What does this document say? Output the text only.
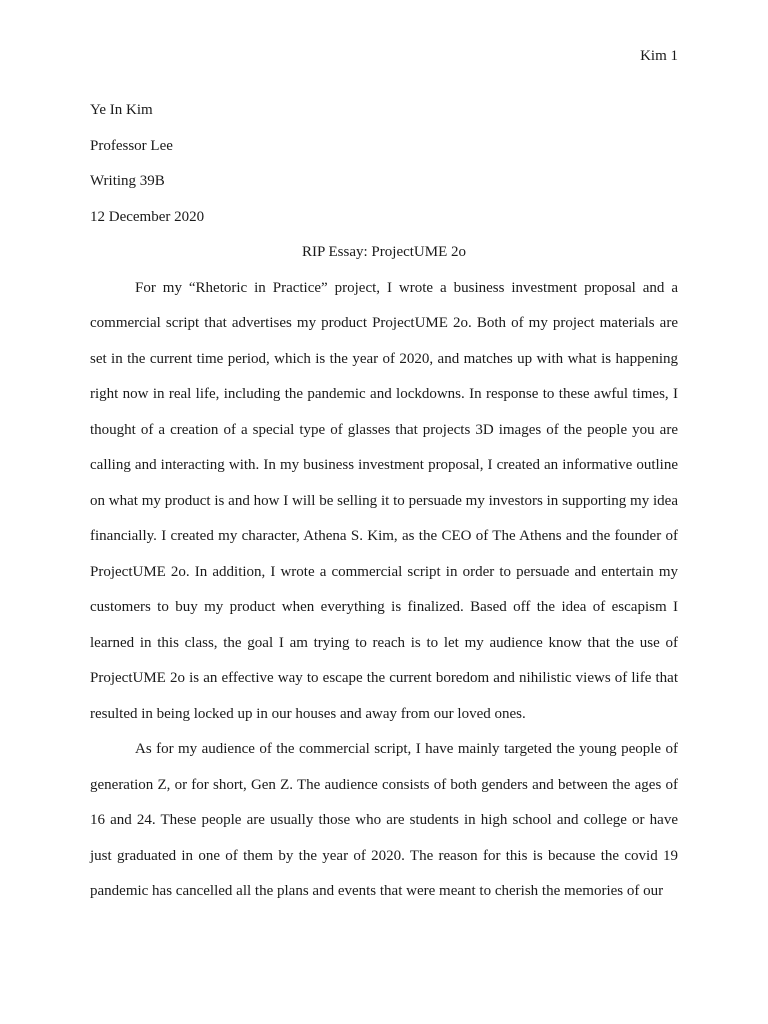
Kim 1

Ye In Kim

Professor Lee

Writing 39B

12 December 2020

RIP Essay: ProjectUME 2o

For my “Rhetoric in Practice” project, I wrote a business investment proposal and a commercial script that advertises my product ProjectUME 2o. Both of my project materials are set in the current time period, which is the year of 2020, and matches up with what is happening right now in real life, including the pandemic and lockdowns. In response to these awful times, I thought of a creation of a special type of glasses that projects 3D images of the people you are calling and interacting with. In my business investment proposal, I created an informative outline on what my product is and how I will be selling it to persuade my investors in supporting my idea financially. I created my character, Athena S. Kim, as the CEO of The Athens and the founder of ProjectUME 2o. In addition, I wrote a commercial script in order to persuade and entertain my customers to buy my product when everything is finalized. Based off the idea of escapism I learned in this class, the goal I am trying to reach is to let my audience know that the use of ProjectUME 2o is an effective way to escape the current boredom and nihilistic views of life that resulted in being locked up in our houses and away from our loved ones.

As for my audience of the commercial script, I have mainly targeted the young people of generation Z, or for short, Gen Z. The audience consists of both genders and between the ages of 16 and 24. These people are usually those who are students in high school and college or have just graduated in one of them by the year of 2020. The reason for this is because the covid 19 pandemic has cancelled all the plans and events that were meant to cherish the memories of our
